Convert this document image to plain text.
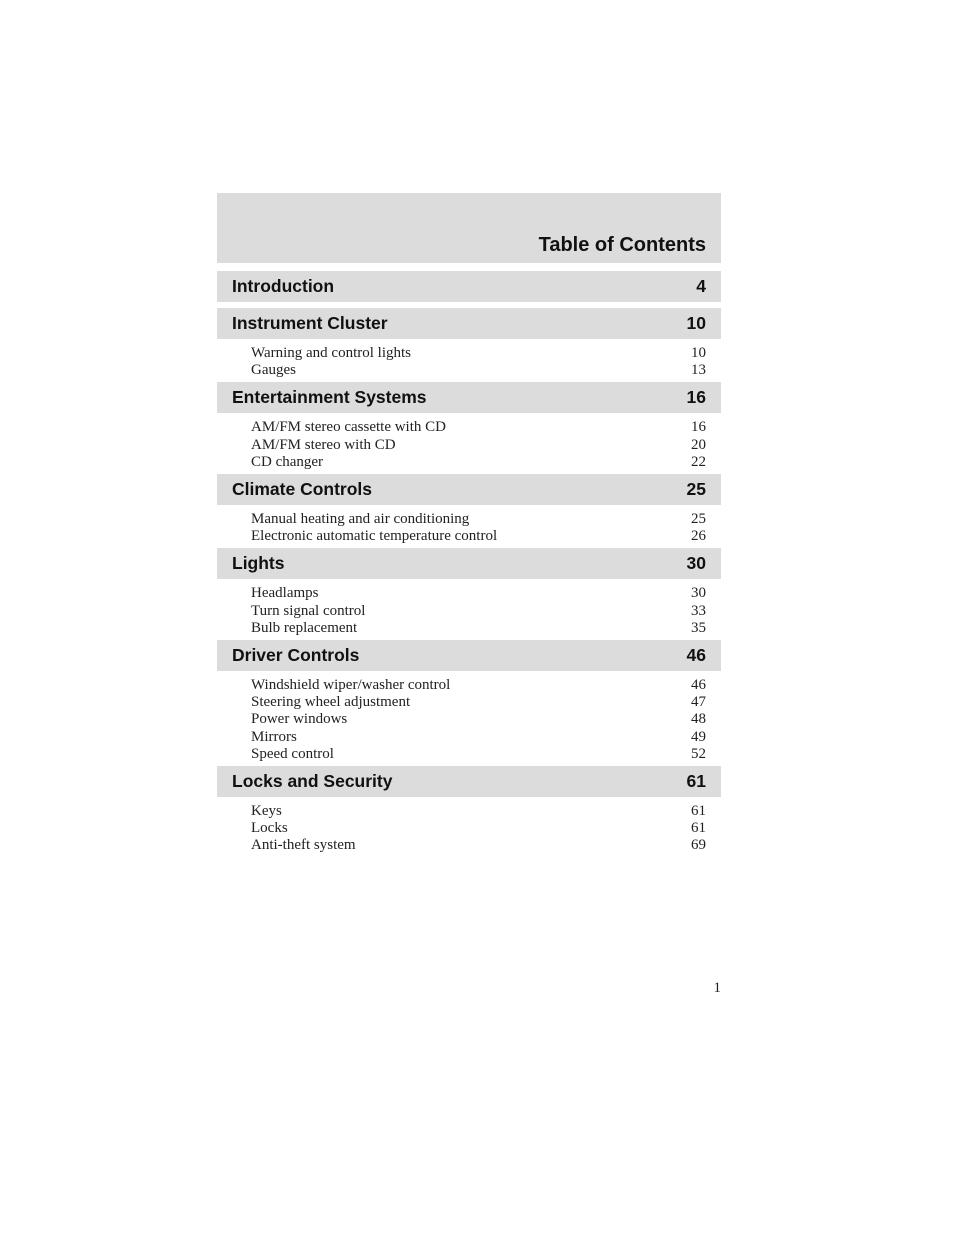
Table of Contents
Introduction	4
Instrument Cluster	10
Warning and control lights	10
Gauges	13
Entertainment Systems	16
AM/FM stereo cassette with CD	16
AM/FM stereo with CD	20
CD changer	22
Climate Controls	25
Manual heating and air conditioning	25
Electronic automatic temperature control	26
Lights	30
Headlamps	30
Turn signal control	33
Bulb replacement	35
Driver Controls	46
Windshield wiper/washer control	46
Steering wheel adjustment	47
Power windows	48
Mirrors	49
Speed control	52
Locks and Security	61
Keys	61
Locks	61
Anti-theft system	69
1
